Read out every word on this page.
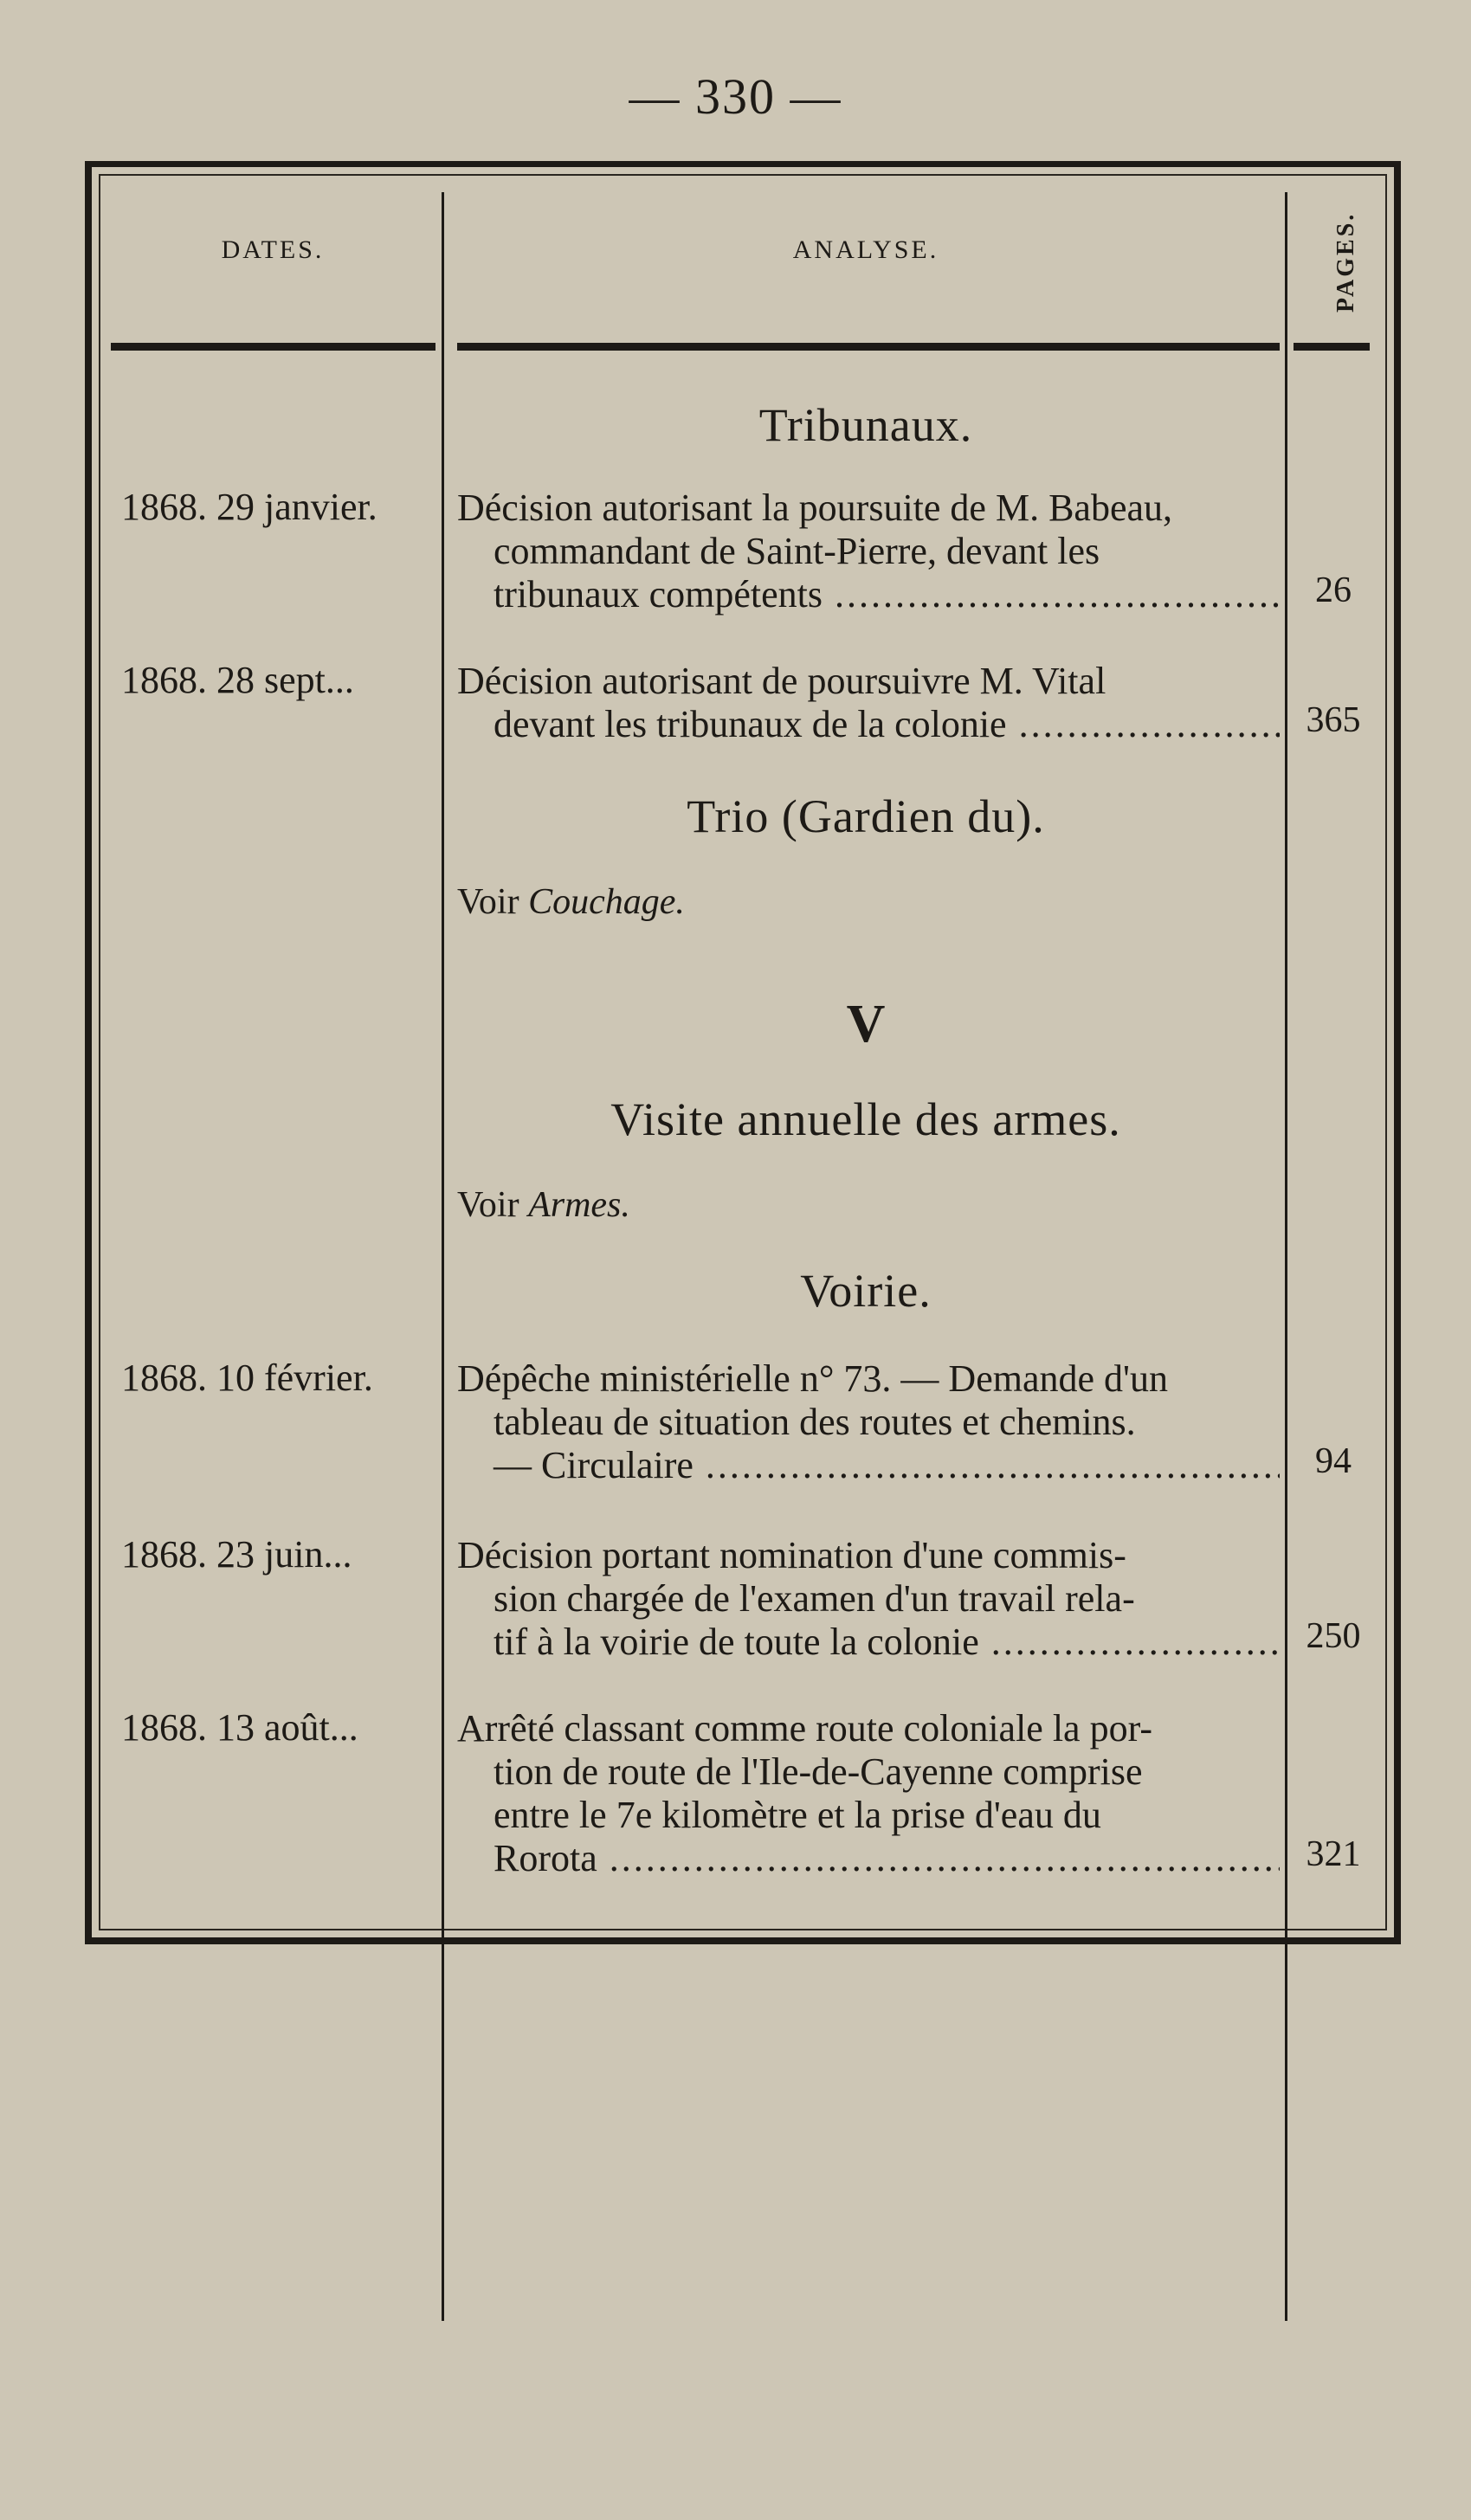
— 330 —
DATES.	ANALYSE.	PAGES.
Tribunaux.
1868. 29 janvier.	Décision autorisant la poursuite de M. Babeau,
commandant de Saint-Pierre, devant les
tribunaux compétents .....	26
1868. 28 sept...	Décision autorisant de poursuivre M. Vital
devant les tribunaux de la colonie .....	365
Trio (Gardien du).
Voir Couchage.
V
Visite annuelle des armes.
Voir Armes.
Voirie.
1868. 10 février.	Dépêche ministérielle n° 73. — Demande d'un
tableau de situation des routes et chemins.
— Circulaire .....	94
1868. 23 juin...	Décision portant nomination d'une commis-
sion chargée de l'examen d'un travail rela-
tif à la voirie de toute la colonie .....	250
1868. 13 août...	Arrêté classant comme route coloniale la por-
tion de route de l'Ile-de-Cayenne comprise
entre le 7e kilomètre et la prise d'eau du
Rorota .....	321
